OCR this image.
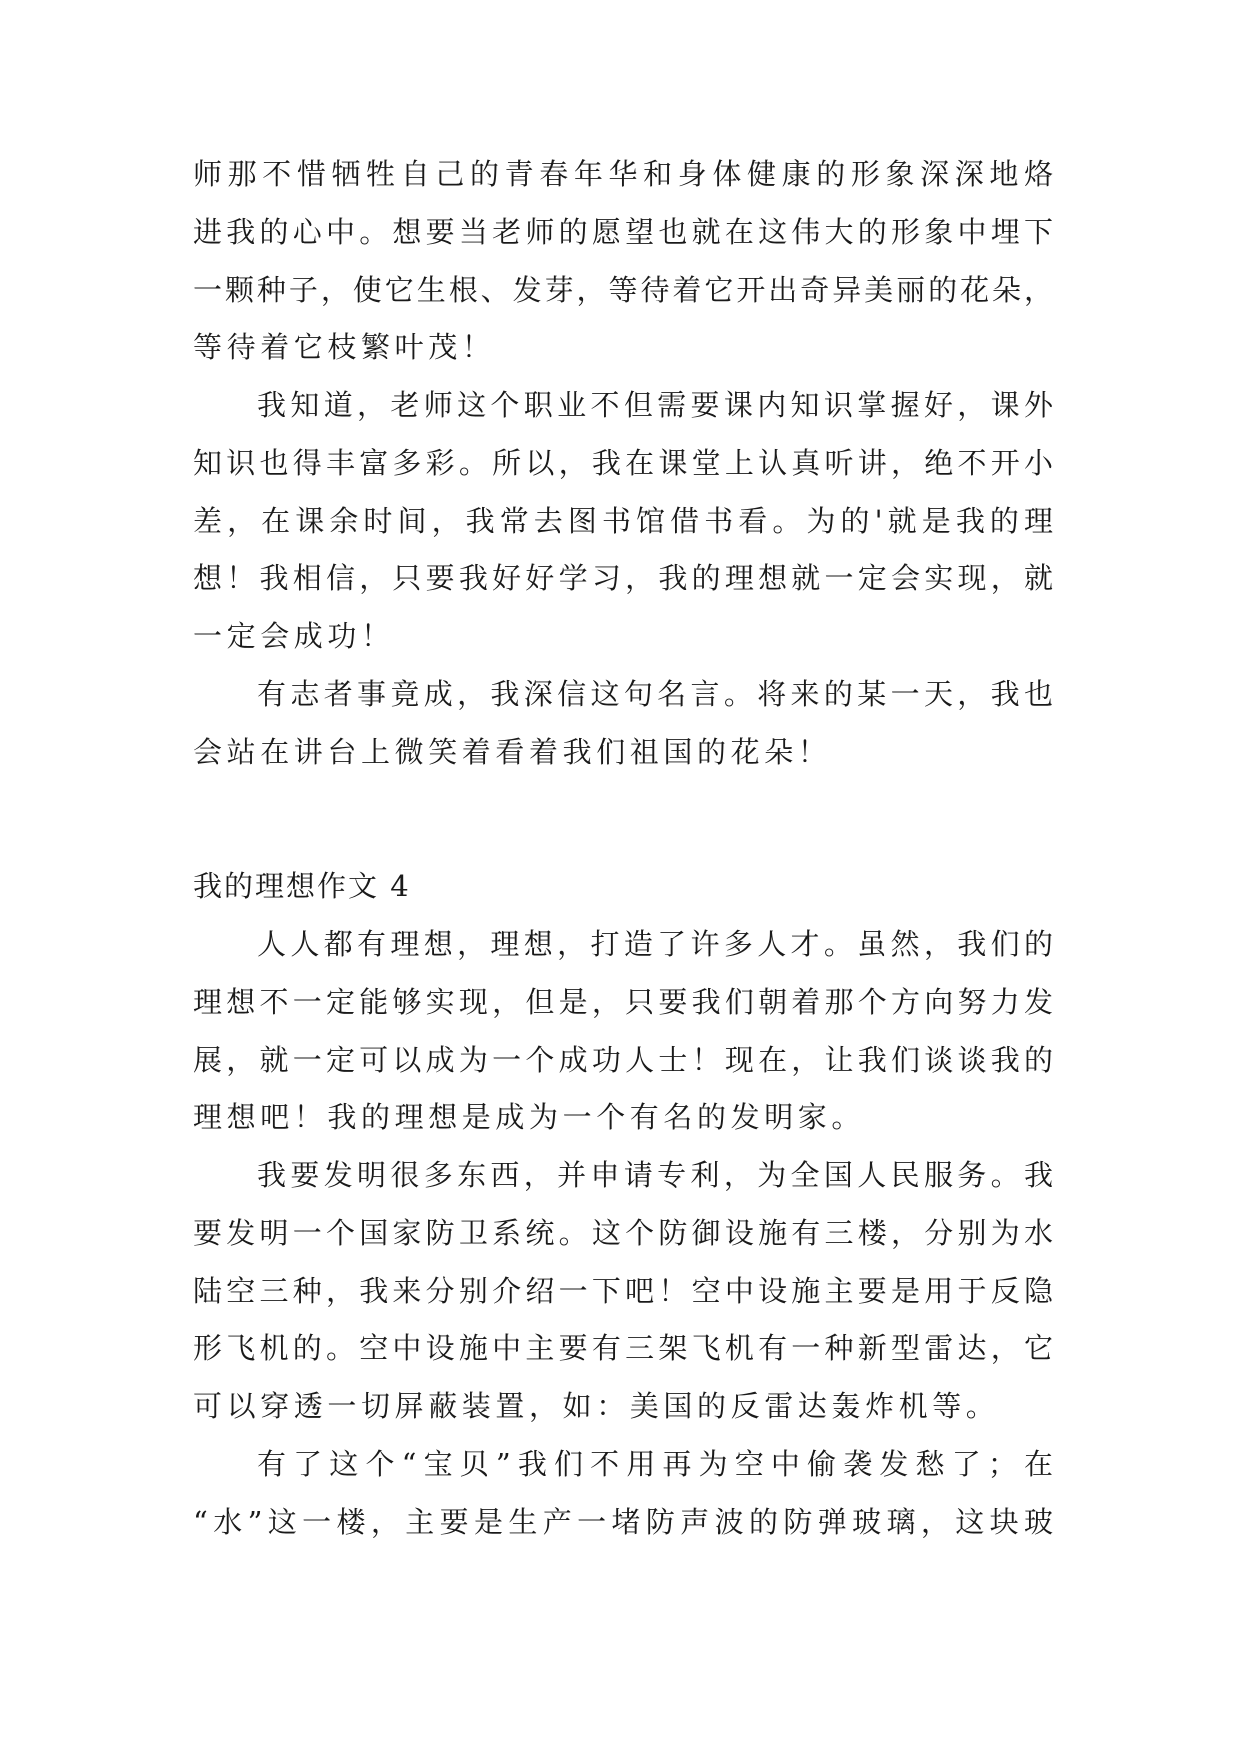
师那不惜牺牲自己的青春年华和身体健康的形象深深地烙
进我的心中。想要当老师的愿望也就在这伟大的形象中埋下
一颗种子，使它生根、发芽，等待着它开出奇异美丽的花朵，
等待着它枝繁叶茂！
我知道，老师这个职业不但需要课内知识掌握好，课外
知识也得丰富多彩。所以，我在课堂上认真听讲，绝不开小
差，在课余时间，我常去图书馆借书看。为的'就是我的理
想！我相信，只要我好好学习，我的理想就一定会实现，就
一定会成功！
有志者事竟成，我深信这句名言。将来的某一天，我也
会站在讲台上微笑着看着我们祖国的花朵！
我的理想作文 4
人人都有理想，理想，打造了许多人才。虽然，我们的
理想不一定能够实现，但是，只要我们朝着那个方向努力发
展，就一定可以成为一个成功人士！现在，让我们谈谈我的
理想吧！我的理想是成为一个有名的发明家。
我要发明很多东西，并申请专利，为全国人民服务。我
要发明一个国家防卫系统。这个防御设施有三楼，分别为水
陆空三种，我来分别介绍一下吧！空中设施主要是用于反隐
形飞机的。空中设施中主要有三架飞机有一种新型雷达，它
可以穿透一切屏蔽装置，如：美国的反雷达轰炸机等。
有了这个“宝贝”我们不用再为空中偷袭发愁了；在
“水”这一楼，主要是生产一堵防声波的防弹玻璃，这块玻
